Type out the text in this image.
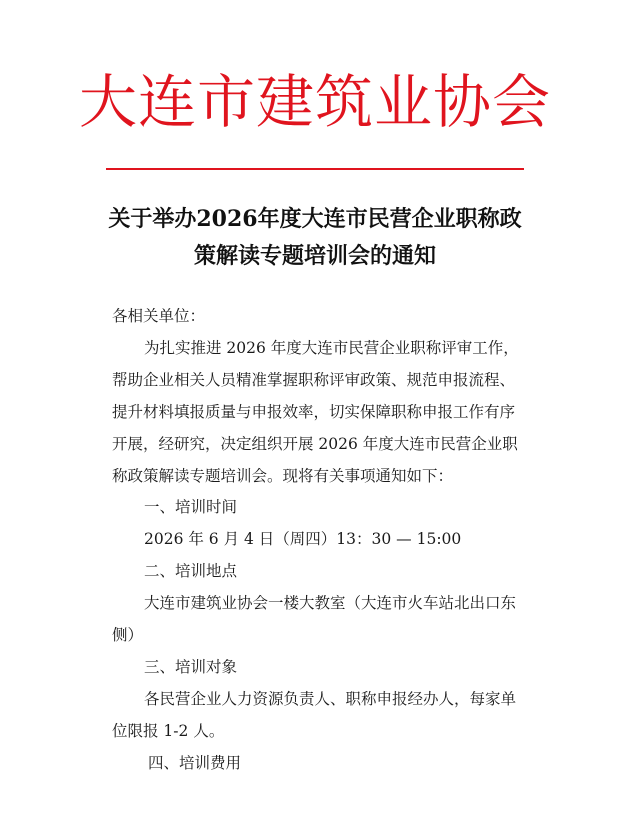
大连市建筑业协会
关于举办2026年度大连市民营企业职称政
策解读专题培训会的通知
各相关单位：
为扎实推进 2026 年度大连市民营企业职称评审工作，
帮助企业相关人员精准掌握职称评审政策、规范申报流程、
提升材料填报质量与申报效率，切实保障职称申报工作有序
开展，经研究，决定组织开展 2026 年度大连市民营企业职
称政策解读专题培训会。现将有关事项通知如下：
一、培训时间
2026 年 6 月 4 日（周四）13：30 — 15:00
二、培训地点
大连市建筑业协会一楼大教室（大连市火车站北出口东
侧）
三、培训对象
各民营企业人力资源负责人、职称申报经办人，每家单
位限报 1-2 人。
四、培训费用
